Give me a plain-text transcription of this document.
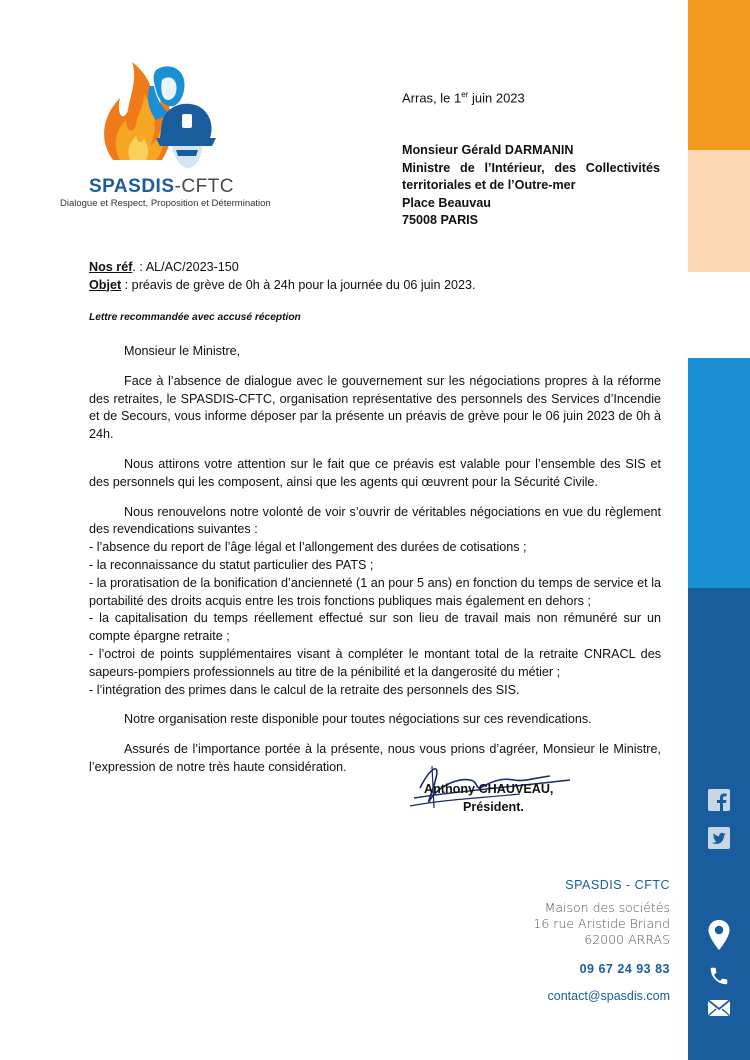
SPASDIS-CFTC
Dialogue et Respect, Proposition et Détermination
Arras, le 1er juin 2023
Monsieur Gérald DARMANIN
Ministre de l’Intérieur, des Collectivités
territoriales et de l’Outre-mer
Place Beauvau
75008 PARIS
Nos réf. : AL/AC/2023-150
Objet : préavis de grève de 0h à 24h pour la journée du 06 juin 2023.
Lettre recommandée avec accusé réception

Monsieur le Ministre,

Face à l’absence de dialogue avec le gouvernement sur les négociations propres à la réforme des retraites, le SPASDIS-CFTC, organisation représentative des personnels des Services d’Incendie et de Secours, vous informe déposer par la présente un préavis de grève pour le 06 juin 2023 de 0h à 24h.

Nous attirons votre attention sur le fait que ce préavis est valable pour l’ensemble des SIS et des personnels qui les composent, ainsi que les agents qui œuvrent pour la Sécurité Civile.

Nous renouvelons notre volonté de voir s’ouvrir de véritables négociations en vue du règlement des revendications suivantes :

- l’absence du report de l’âge légal et l’allongement des durées de cotisations ;

- la reconnaissance du statut particulier des PATS ;

- la proratisation de la bonification d’ancienneté (1 an pour 5 ans) en fonction du temps de service et la portabilité des droits acquis entre les trois fonctions publiques mais également en dehors ;

- la capitalisation du temps réellement effectué sur son lieu de travail mais non rémunéré sur un compte épargne retraite ;

- l’octroi de points supplémentaires visant à compléter le montant total de la retraite CNRACL des sapeurs-pompiers professionnels au titre de la pénibilité et la dangerosité du métier ;

- l’intégration des primes dans le calcul de la retraite des personnels des SIS.

Notre organisation reste disponible pour toutes négociations sur ces revendications.

Assurés de l’importance portée à la présente, nous vous prions d’agréer, Monsieur le Ministre, l’expression de notre très haute considération.

Anthony CHAUVEAU,
Président.
SPASDIS - CFTC
Maison des sociétés
16 rue Aristide Briand
62000 ARRAS
09 67 24 93 83
contact@spasdis.com
